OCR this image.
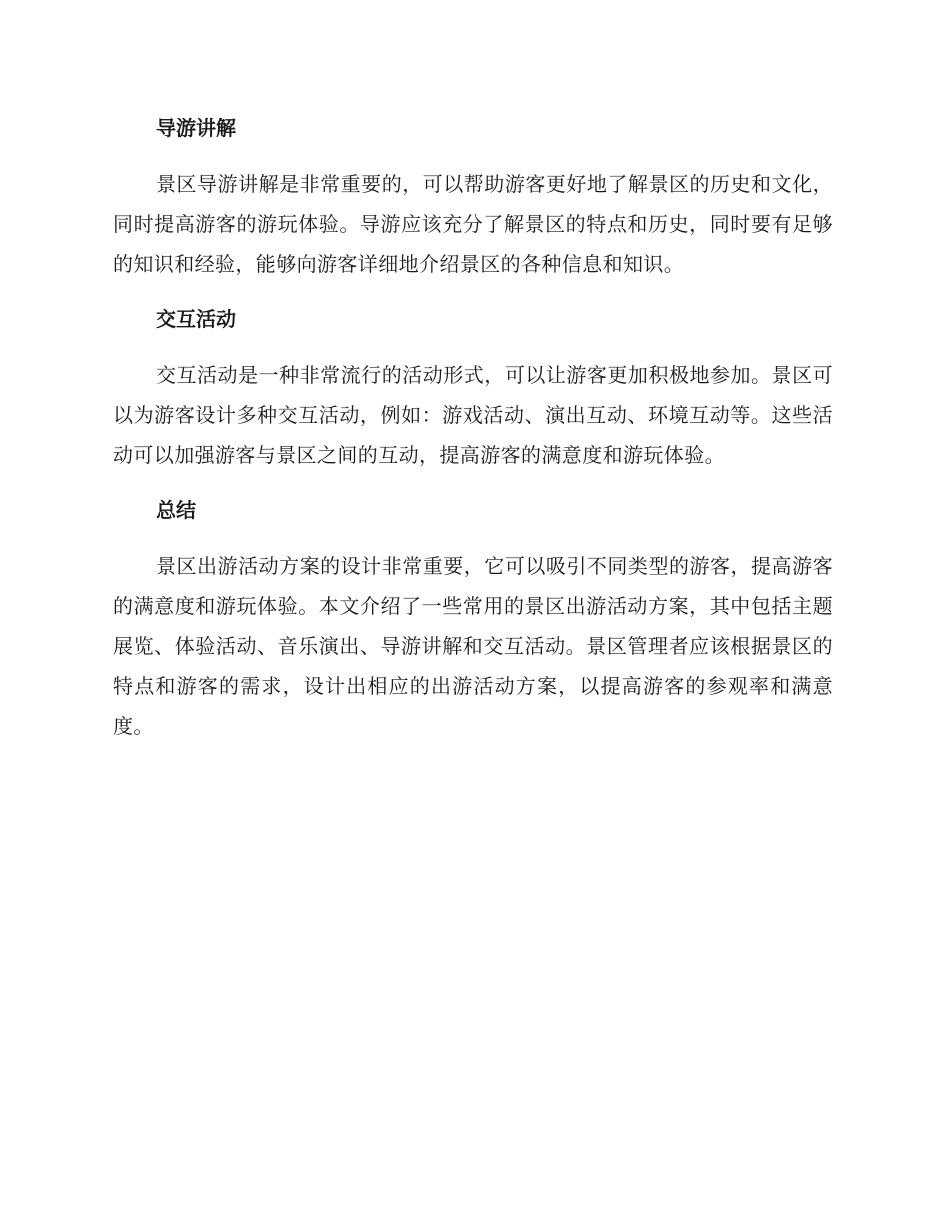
导游讲解

景区导游讲解是非常重要的，可以帮助游客更好地了解景区的历史和文化，同时提高游客的游玩体验。导游应该充分了解景区的特点和历史，同时要有足够的知识和经验，能够向游客详细地介绍景区的各种信息和知识。

交互活动

交互活动是一种非常流行的活动形式，可以让游客更加积极地参加。景区可以为游客设计多种交互活动，例如：游戏活动、演出互动、环境互动等。这些活动可以加强游客与景区之间的互动，提高游客的满意度和游玩体验。

总结

景区出游活动方案的设计非常重要，它可以吸引不同类型的游客，提高游客的满意度和游玩体验。本文介绍了一些常用的景区出游活动方案，其中包括主题展览、体验活动、音乐演出、导游讲解和交互活动。景区管理者应该根据景区的特点和游客的需求，设计出相应的出游活动方案，以提高游客的参观率和满意度。
